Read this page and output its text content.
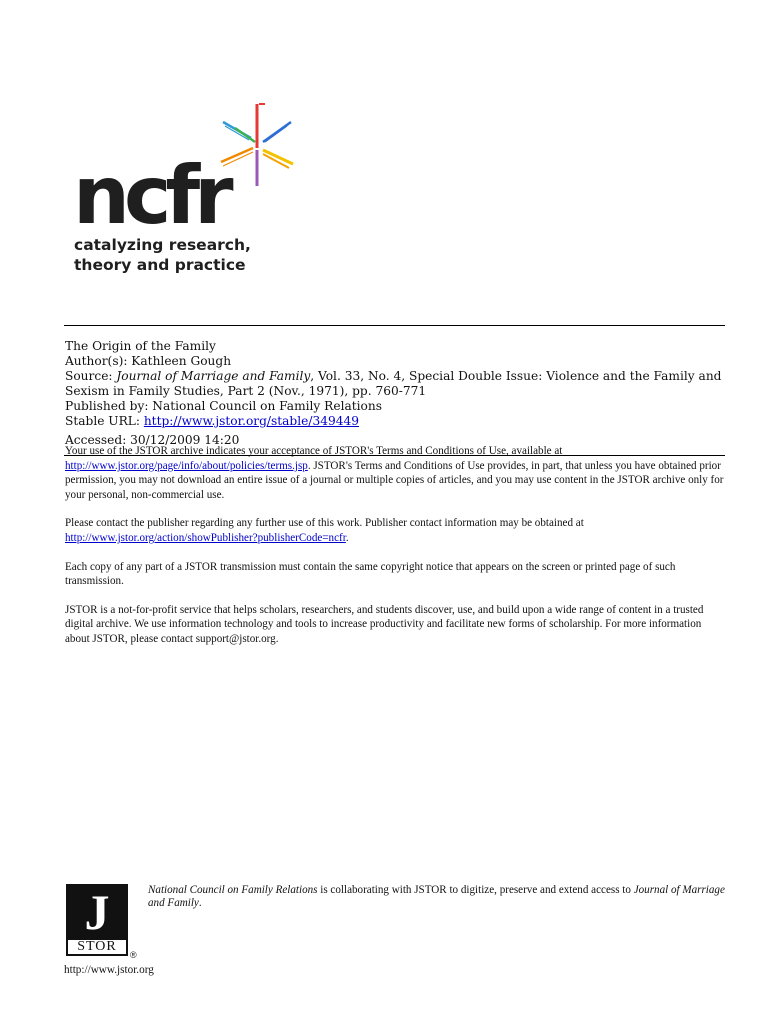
ncfr
catalyzing research,
theory and practice
The Origin of the Family
Author(s): Kathleen Gough
Source: Journal of Marriage and Family, Vol. 33, No. 4, Special Double Issue: Violence and the Family and Sexism in Family Studies, Part 2 (Nov., 1971), pp. 760-771
Published by: National Council on Family Relations
Stable URL: http://www.jstor.org/stable/349449
Accessed: 30/12/2009 14:20

Your use of the JSTOR archive indicates your acceptance of JSTOR's Terms and Conditions of Use, available at http://www.jstor.org/page/info/about/policies/terms.jsp. JSTOR's Terms and Conditions of Use provides, in part, that unless you have obtained prior permission, you may not download an entire issue of a journal or multiple copies of articles, and you may use content in the JSTOR archive only for your personal, non-commercial use.

Please contact the publisher regarding any further use of this work. Publisher contact information may be obtained at http://www.jstor.org/action/showPublisher?publisherCode=ncfr.

Each copy of any part of a JSTOR transmission must contain the same copyright notice that appears on the screen or printed page of such transmission.

JSTOR is a not-for-profit service that helps scholars, researchers, and students discover, use, and build upon a wide range of content in a trusted digital archive. We use information technology and tools to increase productivity and facilitate new forms of scholarship. For more information about JSTOR, please contact support@jstor.org.

J
STOR
®
http://www.jstor.org
National Council on Family Relations is collaborating with JSTOR to digitize, preserve and extend access to Journal of Marriage and Family.
